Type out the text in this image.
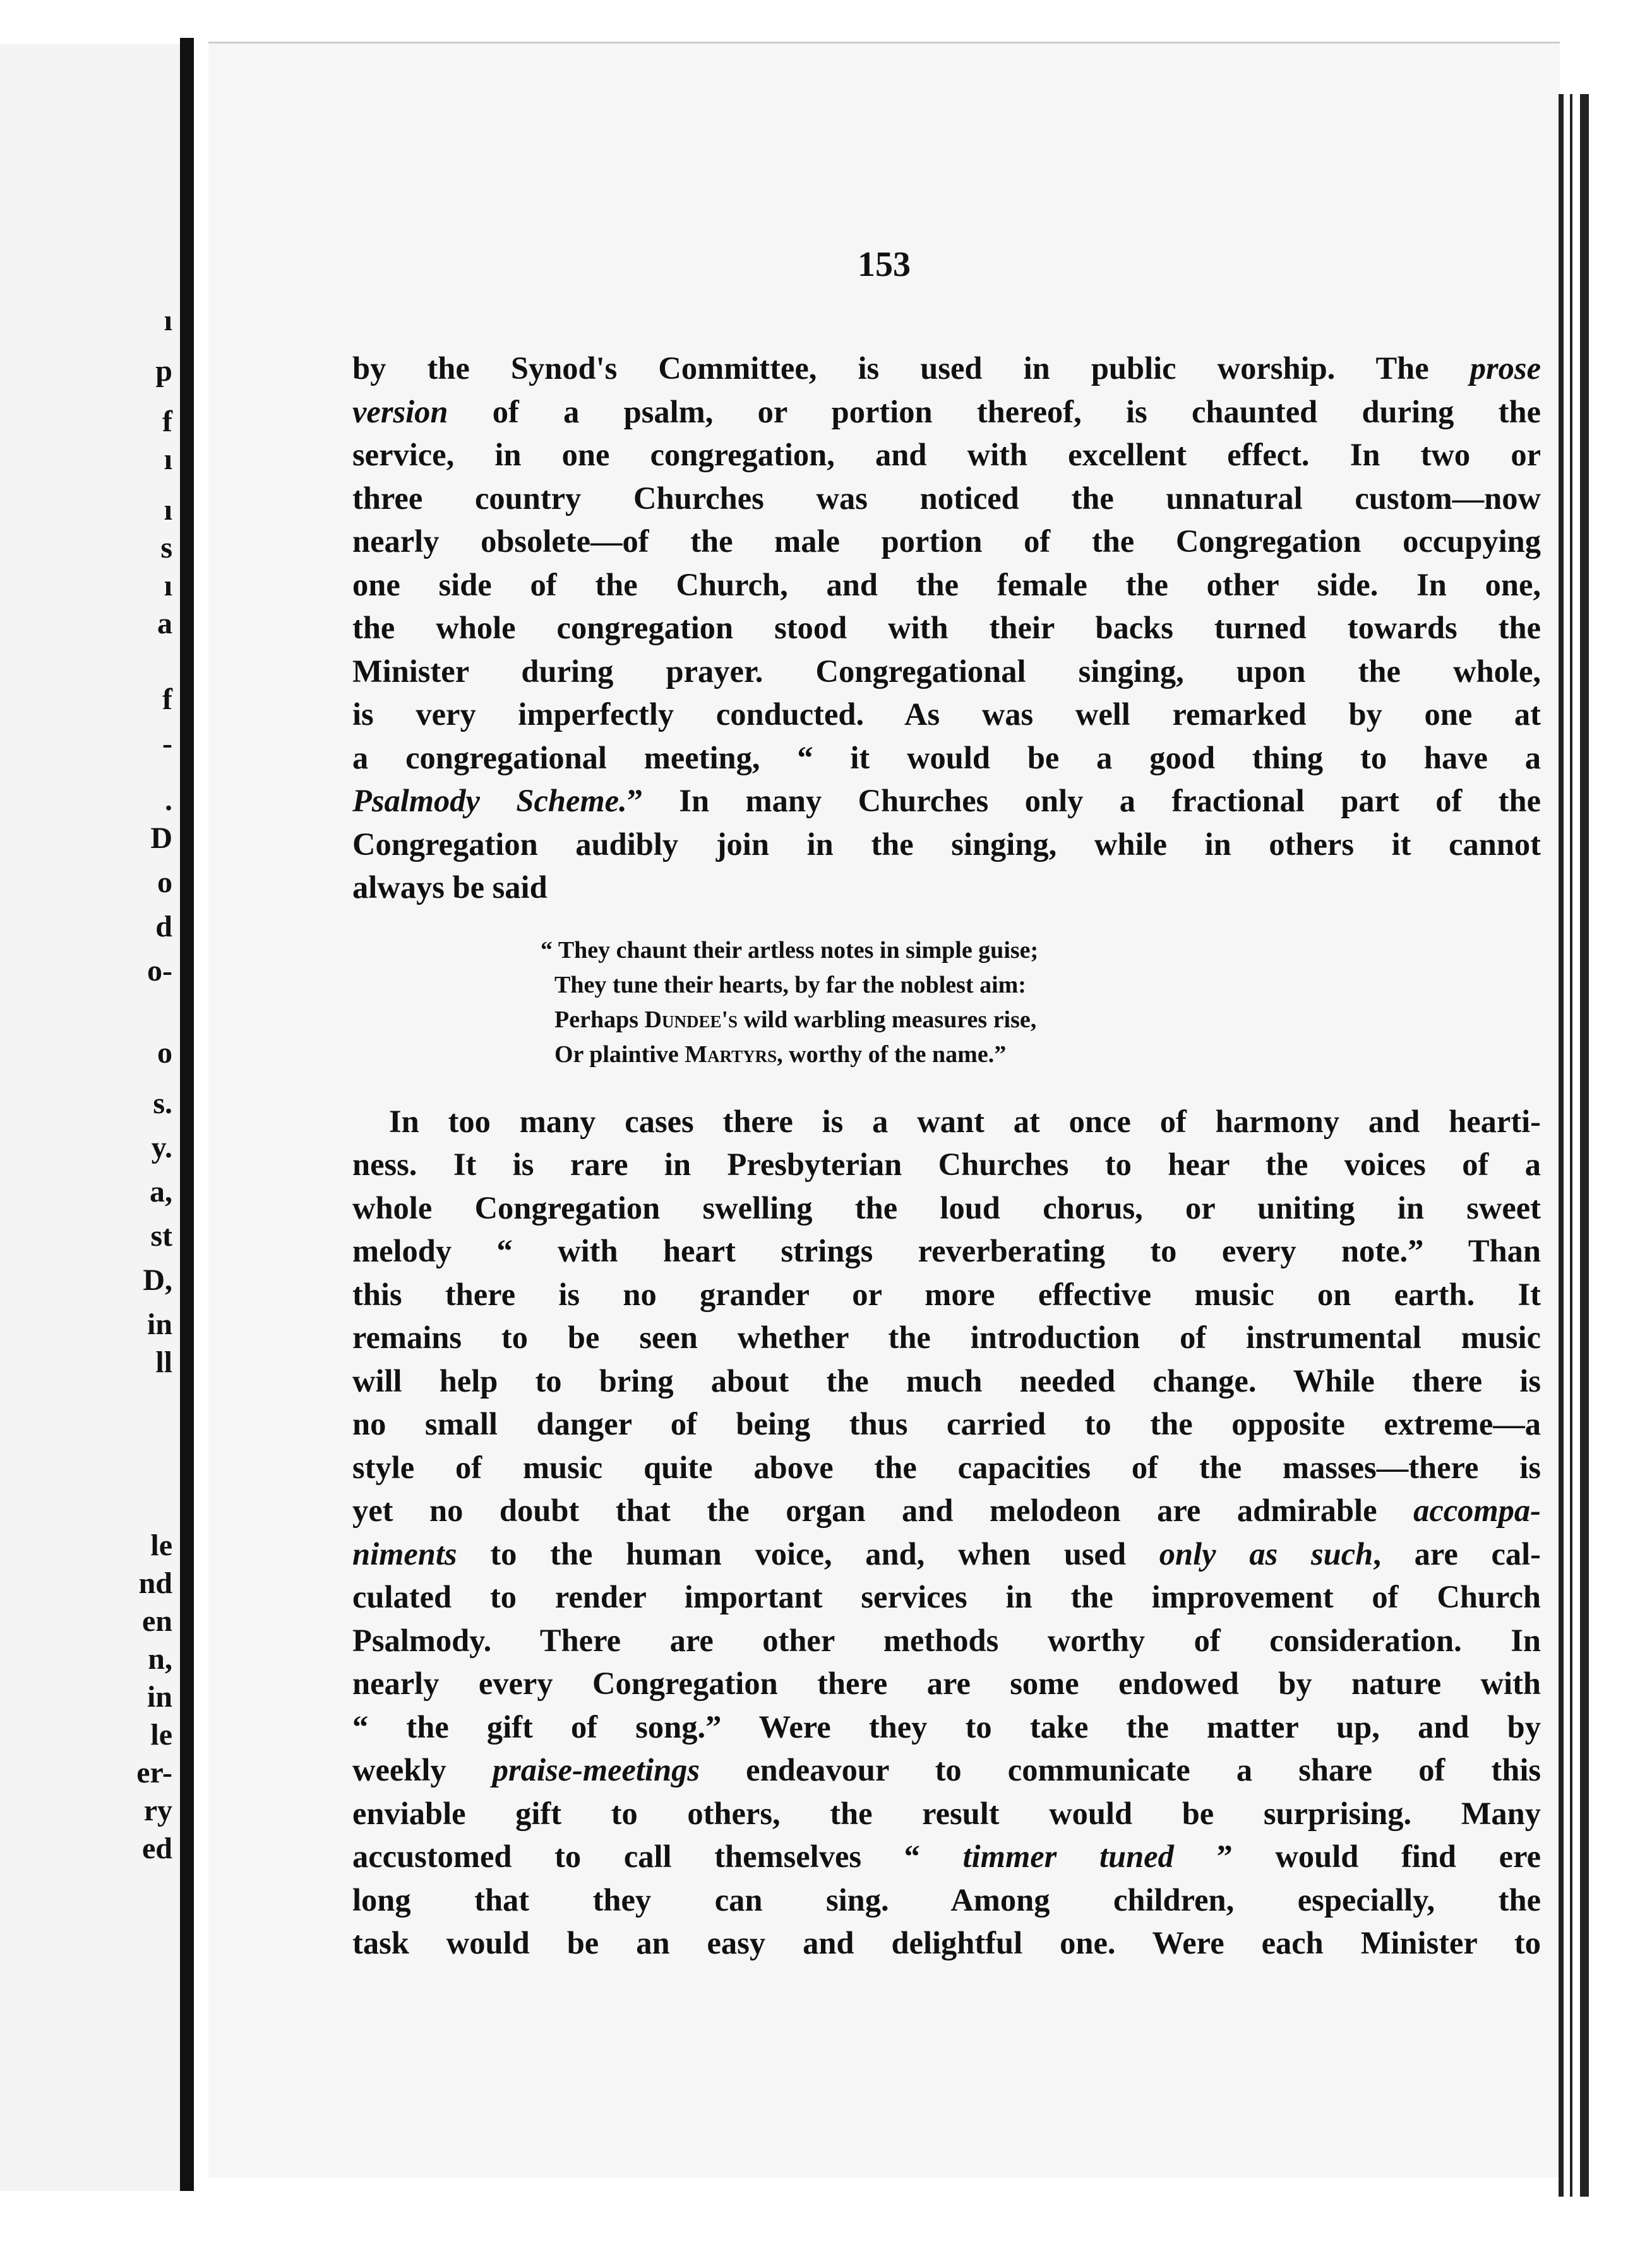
ı
p
f
ı
ı
s
ı
a
f
-
.
D
o
d
o-
o
s.
y.
a,
st
D,
in
ll
le
nd
en
n,
in
le
er-
ry
ed
153
by the Synod's Committee, is used in public worship. The prose
version of a psalm, or portion thereof, is chaunted during the
service, in one congregation, and with excellent effect. In two or
three country Churches was noticed the unnatural custom—now
nearly obsolete—of the male portion of the Congregation occupying
one side of the Church, and the female the other side. In one,
the whole congregation stood with their backs turned towards the
Minister during prayer. Congregational singing, upon the whole,
is very imperfectly conducted. As was well remarked by one at
a congregational meeting, “ it would be a good thing to have a
Psalmody Scheme.” In many Churches only a fractional part of the
Congregation audibly join in the singing, while in others it cannot
always be said
“ They chaunt their artless notes in simple guise;
They tune their hearts, by far the noblest aim:
Perhaps Dundee's wild warbling measures rise,
Or plaintive Martyrs, worthy of the name.”
In too many cases there is a want at once of harmony and hearti-
ness. It is rare in Presbyterian Churches to hear the voices of a
whole Congregation swelling the loud chorus, or uniting in sweet
melody “ with heart strings reverberating to every note.” Than
this there is no grander or more effective music on earth. It
remains to be seen whether the introduction of instrumental music
will help to bring about the much needed change. While there is
no small danger of being thus carried to the opposite extreme—a
style of music quite above the capacities of the masses—there is
yet no doubt that the organ and melodeon are admirable accompa-
niments to the human voice, and, when used only as such, are cal-
culated to render important services in the improvement of Church
Psalmody. There are other methods worthy of consideration. In
nearly every Congregation there are some endowed by nature with
“ the gift of song.” Were they to take the matter up, and by
weekly praise-meetings endeavour to communicate a share of this
enviable gift to others, the result would be surprising. Many
accustomed to call themselves “ timmer tuned ” would find ere
long that they can sing. Among children, especially, the
task would be an easy and delightful one. Were each Minister to
